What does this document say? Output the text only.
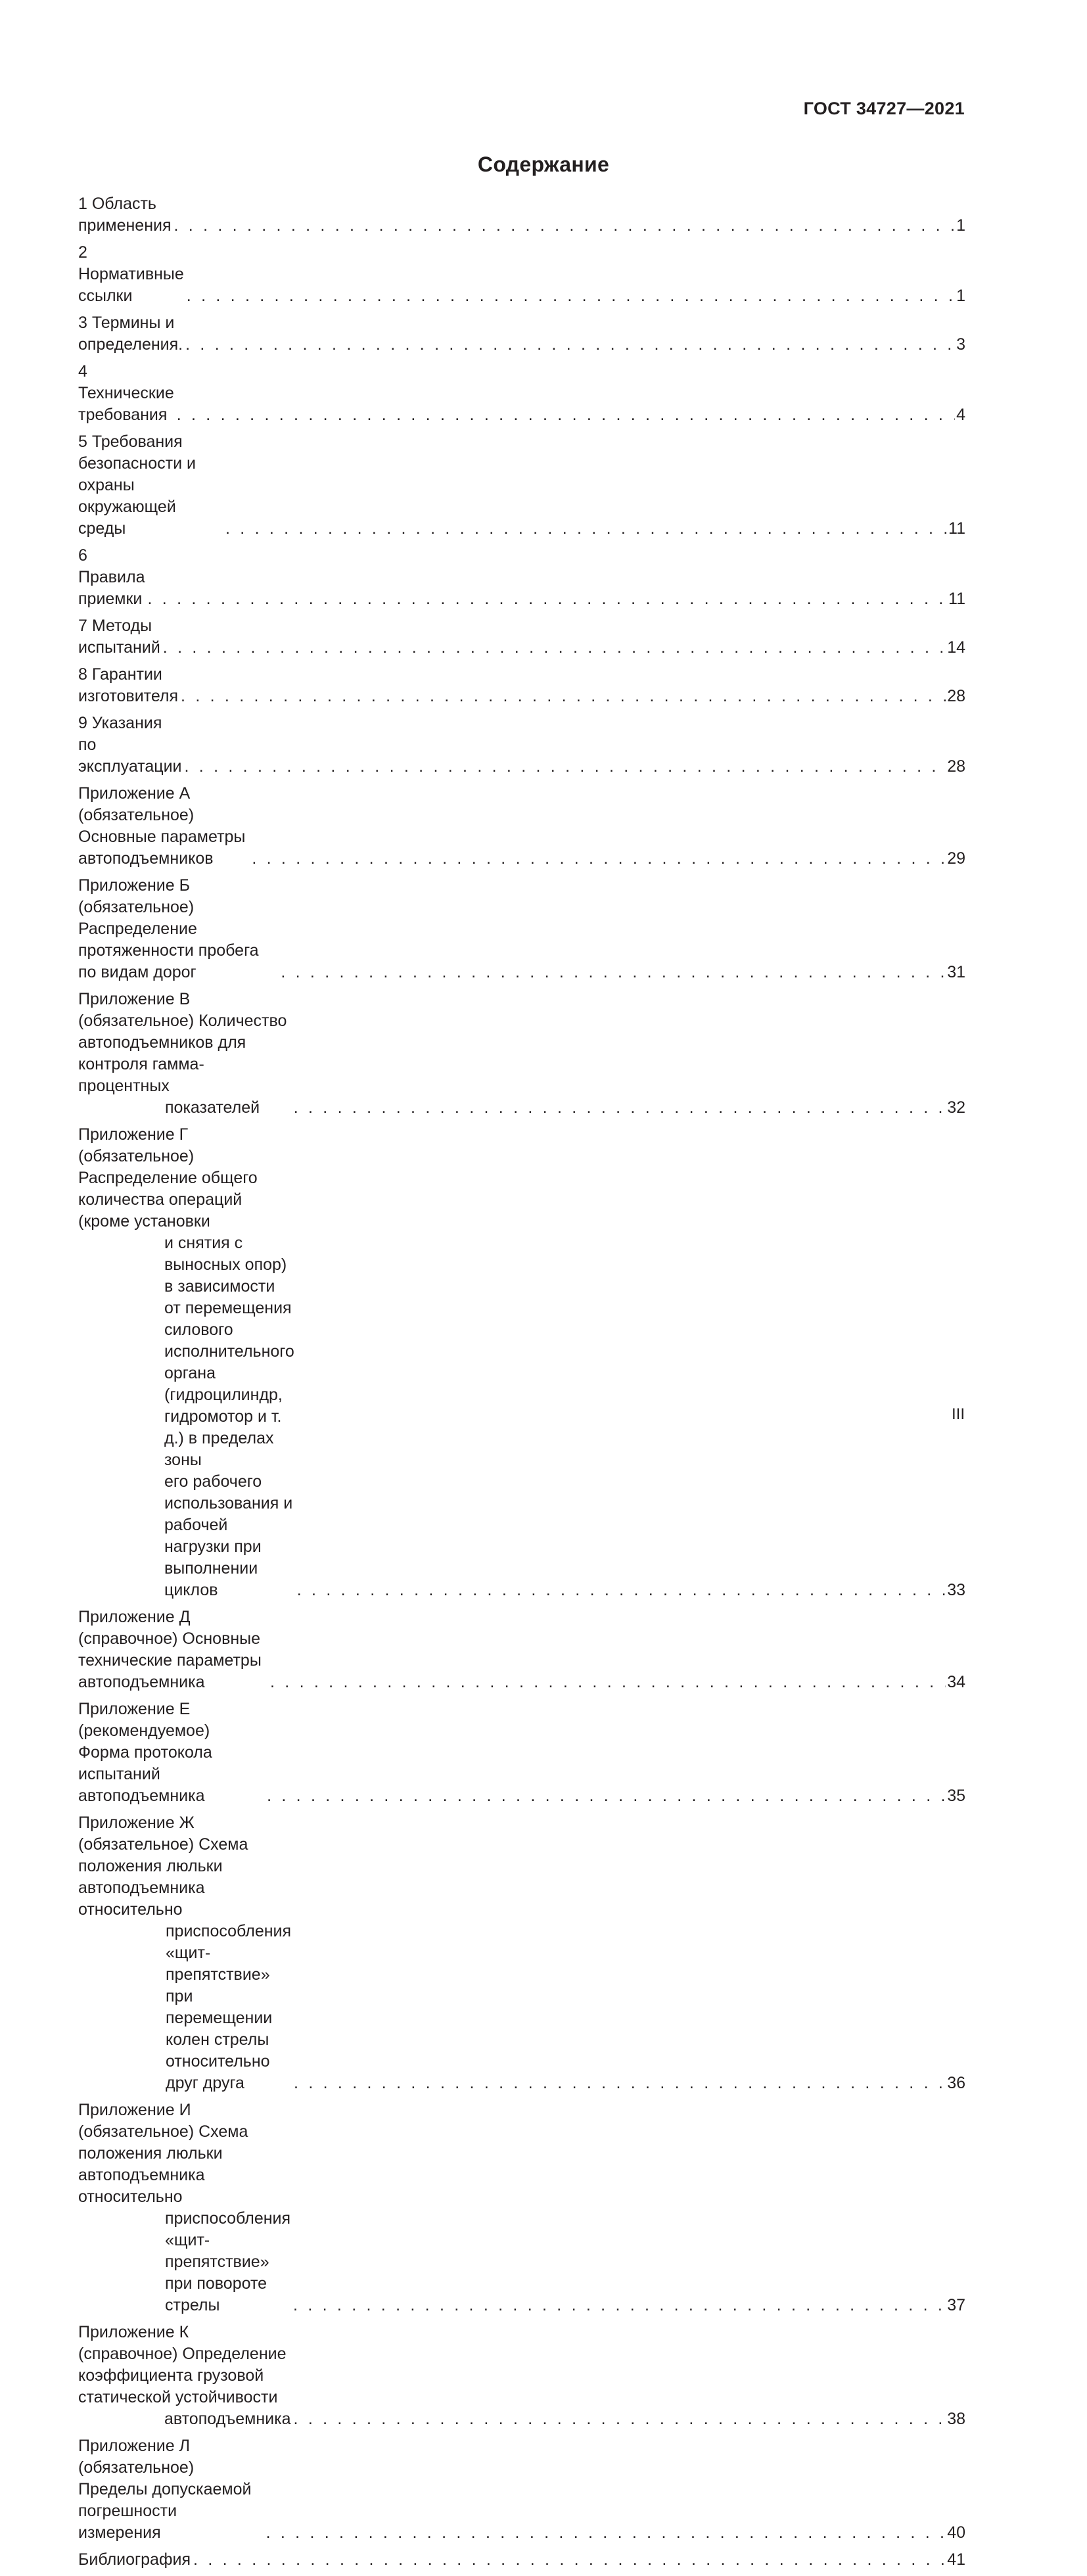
ГОСТ 34727—2021
Содержание
1 Область применения . . .	1
2 Нормативные ссылки . . .	1
3 Термины и определения. . . .	3
4 Технические требования . . .	4
5 Требования безопасности и охраны окружающей среды . . .	11
6 Правила приемки . . .	11
7 Методы испытаний . . .	14
8 Гарантии изготовителя . . .	28
9 Указания по эксплуатации . . .	28
Приложение А (обязательное) Основные параметры автоподъемников . . .	29
Приложение Б (обязательное) Распределение протяженности пробега по видам дорог . . .	31
Приложение В (обязательное) Количество автоподъемников для контроля гамма-процентных
показателей . . .	32
Приложение Г (обязательное) Распределение общего количества операций (кроме установки
и снятия с выносных опор) в зависимости от перемещения силового
исполнительного органа (гидроцилиндр, гидромотор и т. д.) в пределах зоны
его рабочего использования и рабочей нагрузки при выполнении циклов . . .	33
Приложение Д (справочное) Основные технические параметры автоподъемника . . .	34
Приложение Е (рекомендуемое) Форма протокола испытаний автоподъемника . . .	35
Приложение Ж (обязательное) Схема положения люльки автоподъемника относительно
приспособления «щит-препятствие» при перемещении колен стрелы
относительно друг друга . . .	36
Приложение И (обязательное) Схема положения люльки автоподъемника относительно
приспособления «щит-препятствие» при повороте стрелы . . .	37
Приложение К (справочное) Определение коэффициента грузовой статической устойчивости
автоподъемника . . .	38
Приложение Л (обязательное) Пределы допускаемой погрешности измерения . . .	40
Библиография . . .	41
III
